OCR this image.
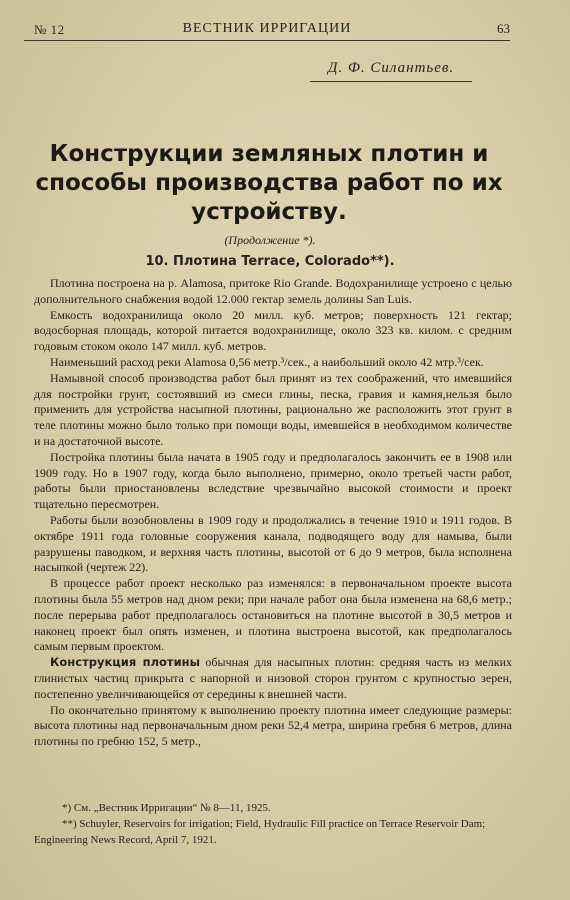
№ 12	ВЕСТНИК ИРРИГАЦИИ	63
Д. Ф. Силантьев.
Конструкции земляных плотин и способы производства работ по их устройству.
(Продолжение *).
10. Плотина Terrace, Colorado**).

Плотина построена на р. Alamosa, притоке Rio Grande. Водохранилище устроено с целью дополнительного снабжения водой 12.000 гектар земель долины San Luis.

Емкость водохранилища около 20 милл. куб. метров; поверхность 121 гектар; водосборная площадь, которой питается водохранилище, около 323 кв. килом. с средним годовым стоком около 147 милл. куб. метров.

Наименьший расход реки Alamosa 0,56 метр.³/сек., а наибольший около 42 мтр.³/сек.

Намывной способ производства работ был принят из тех соображений, что имевшийся для постройки грунт, состоявший из смеси глины, песка, гравия и камня,нельзя было применить для устройства насыпной плотины, рационально же расположить этот грунт в теле плотины можно было только при помощи воды, имевшейся в необходимом количестве и на достаточной высоте.

Постройка плотины была начата в 1905 году и предполагалось закончить ее в 1908 или 1909 году. Но в 1907 году, когда было выполнено, примерно, около третьей части работ, работы были приостановлены вследствие чрезвычайно высокой стоимости и проект тщательно пересмотрен.

Работы были возобновлены в 1909 году и продолжались в течение 1910 и 1911 годов. В октябре 1911 года головные сооружения канала, подводящего воду для намыва, были разрушены паводком, и верхняя часть плотины, высотой от 6 до 9 метров, была исполнена насыпкой (чертеж 22).

В процессе работ проект несколько раз изменялся: в первоначальном проекте высота плотины была 55 метров над дном реки; при начале работ она была изменена на 68,6 метр.; после перерыва работ предполагалось остановиться на плотине высотой в 30,5 метров и наконец проект был опять изменен, и плотина выстроена высотой, как предполагалось самым первым проектом.

Конструкция плотины обычная для насыпных плотин: средняя часть из мелких глинистых частиц прикрыта с напорной и низовой сторон грунтом с крупностью зерен, постепенно увеличивающейся от середины к внешней части.

По окончательно принятому к выполнению проекту плотина имеет следующие размеры: высота плотины над первоначальным дном реки 52,4 метра, ширина гребня 6 метров, длина плотины по гребню 152, 5 метр.,

*) См. „Вестник Ирригации“ № 8—11, 1925.

**) Schuyler, Reservoirs for irrigation; Field, Hydraulic Fill practice on Terrace Reservoir Dam; Engineering News Record, April 7, 1921.
